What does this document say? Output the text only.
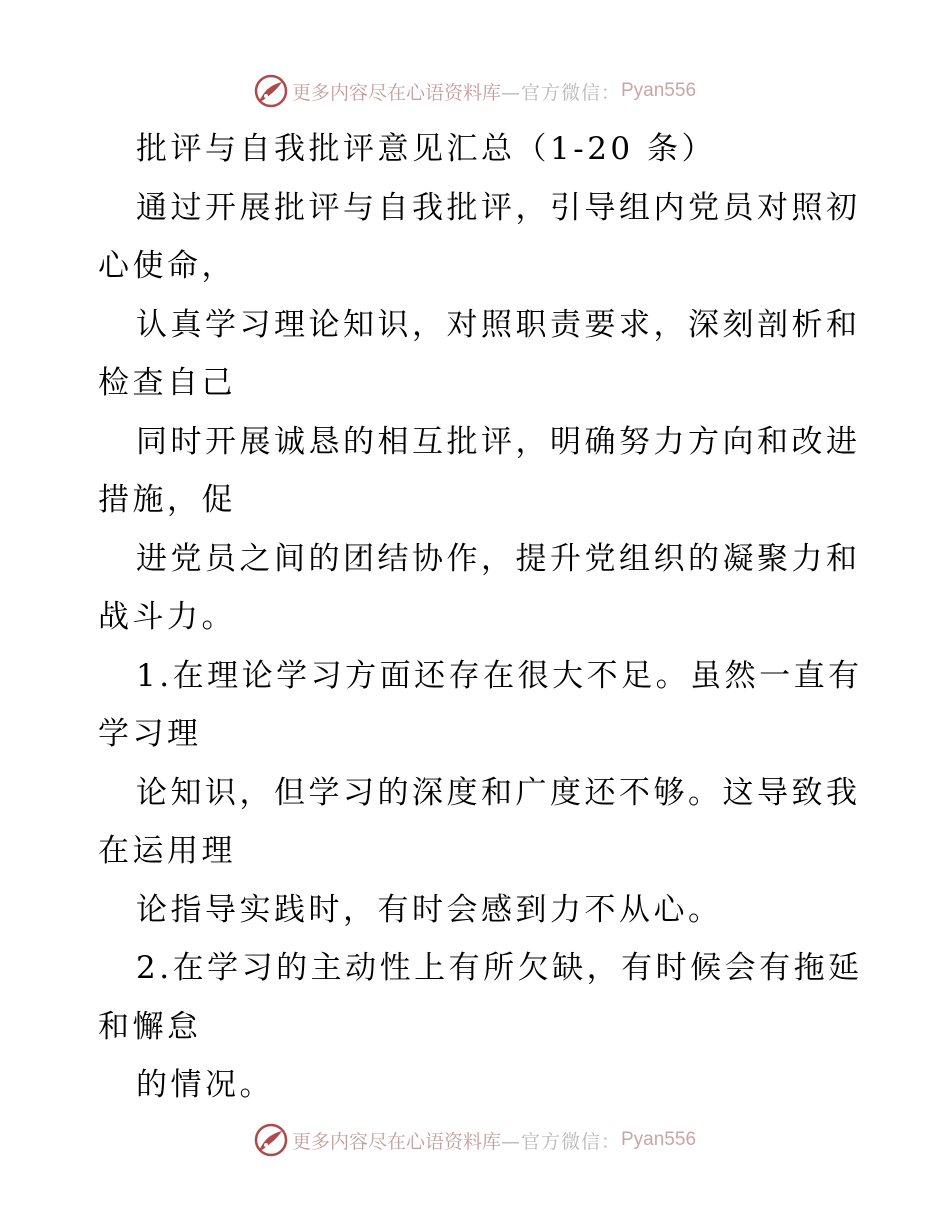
更多内容尽在心语资料库 —官方微信： Pyan556
批评与自我批评意见汇总（1-20 条）
通过开展批评与自我批评，引导组内党员对照初
心使命，
认真学习理论知识，对照职责要求，深刻剖析和
检查自己
同时开展诚恳的相互批评，明确努力方向和改进
措施，促
进党员之间的团结协作，提升党组织的凝聚力和
战斗力。
1.在理论学习方面还存在很大不足。虽然一直有
学习理
论知识，但学习的深度和广度还不够。这导致我
在运用理
论指导实践时，有时会感到力不从心。
2.在学习的主动性上有所欠缺，有时候会有拖延
和懈怠
的情况。
更多内容尽在心语资料库 —官方微信： Pyan556
